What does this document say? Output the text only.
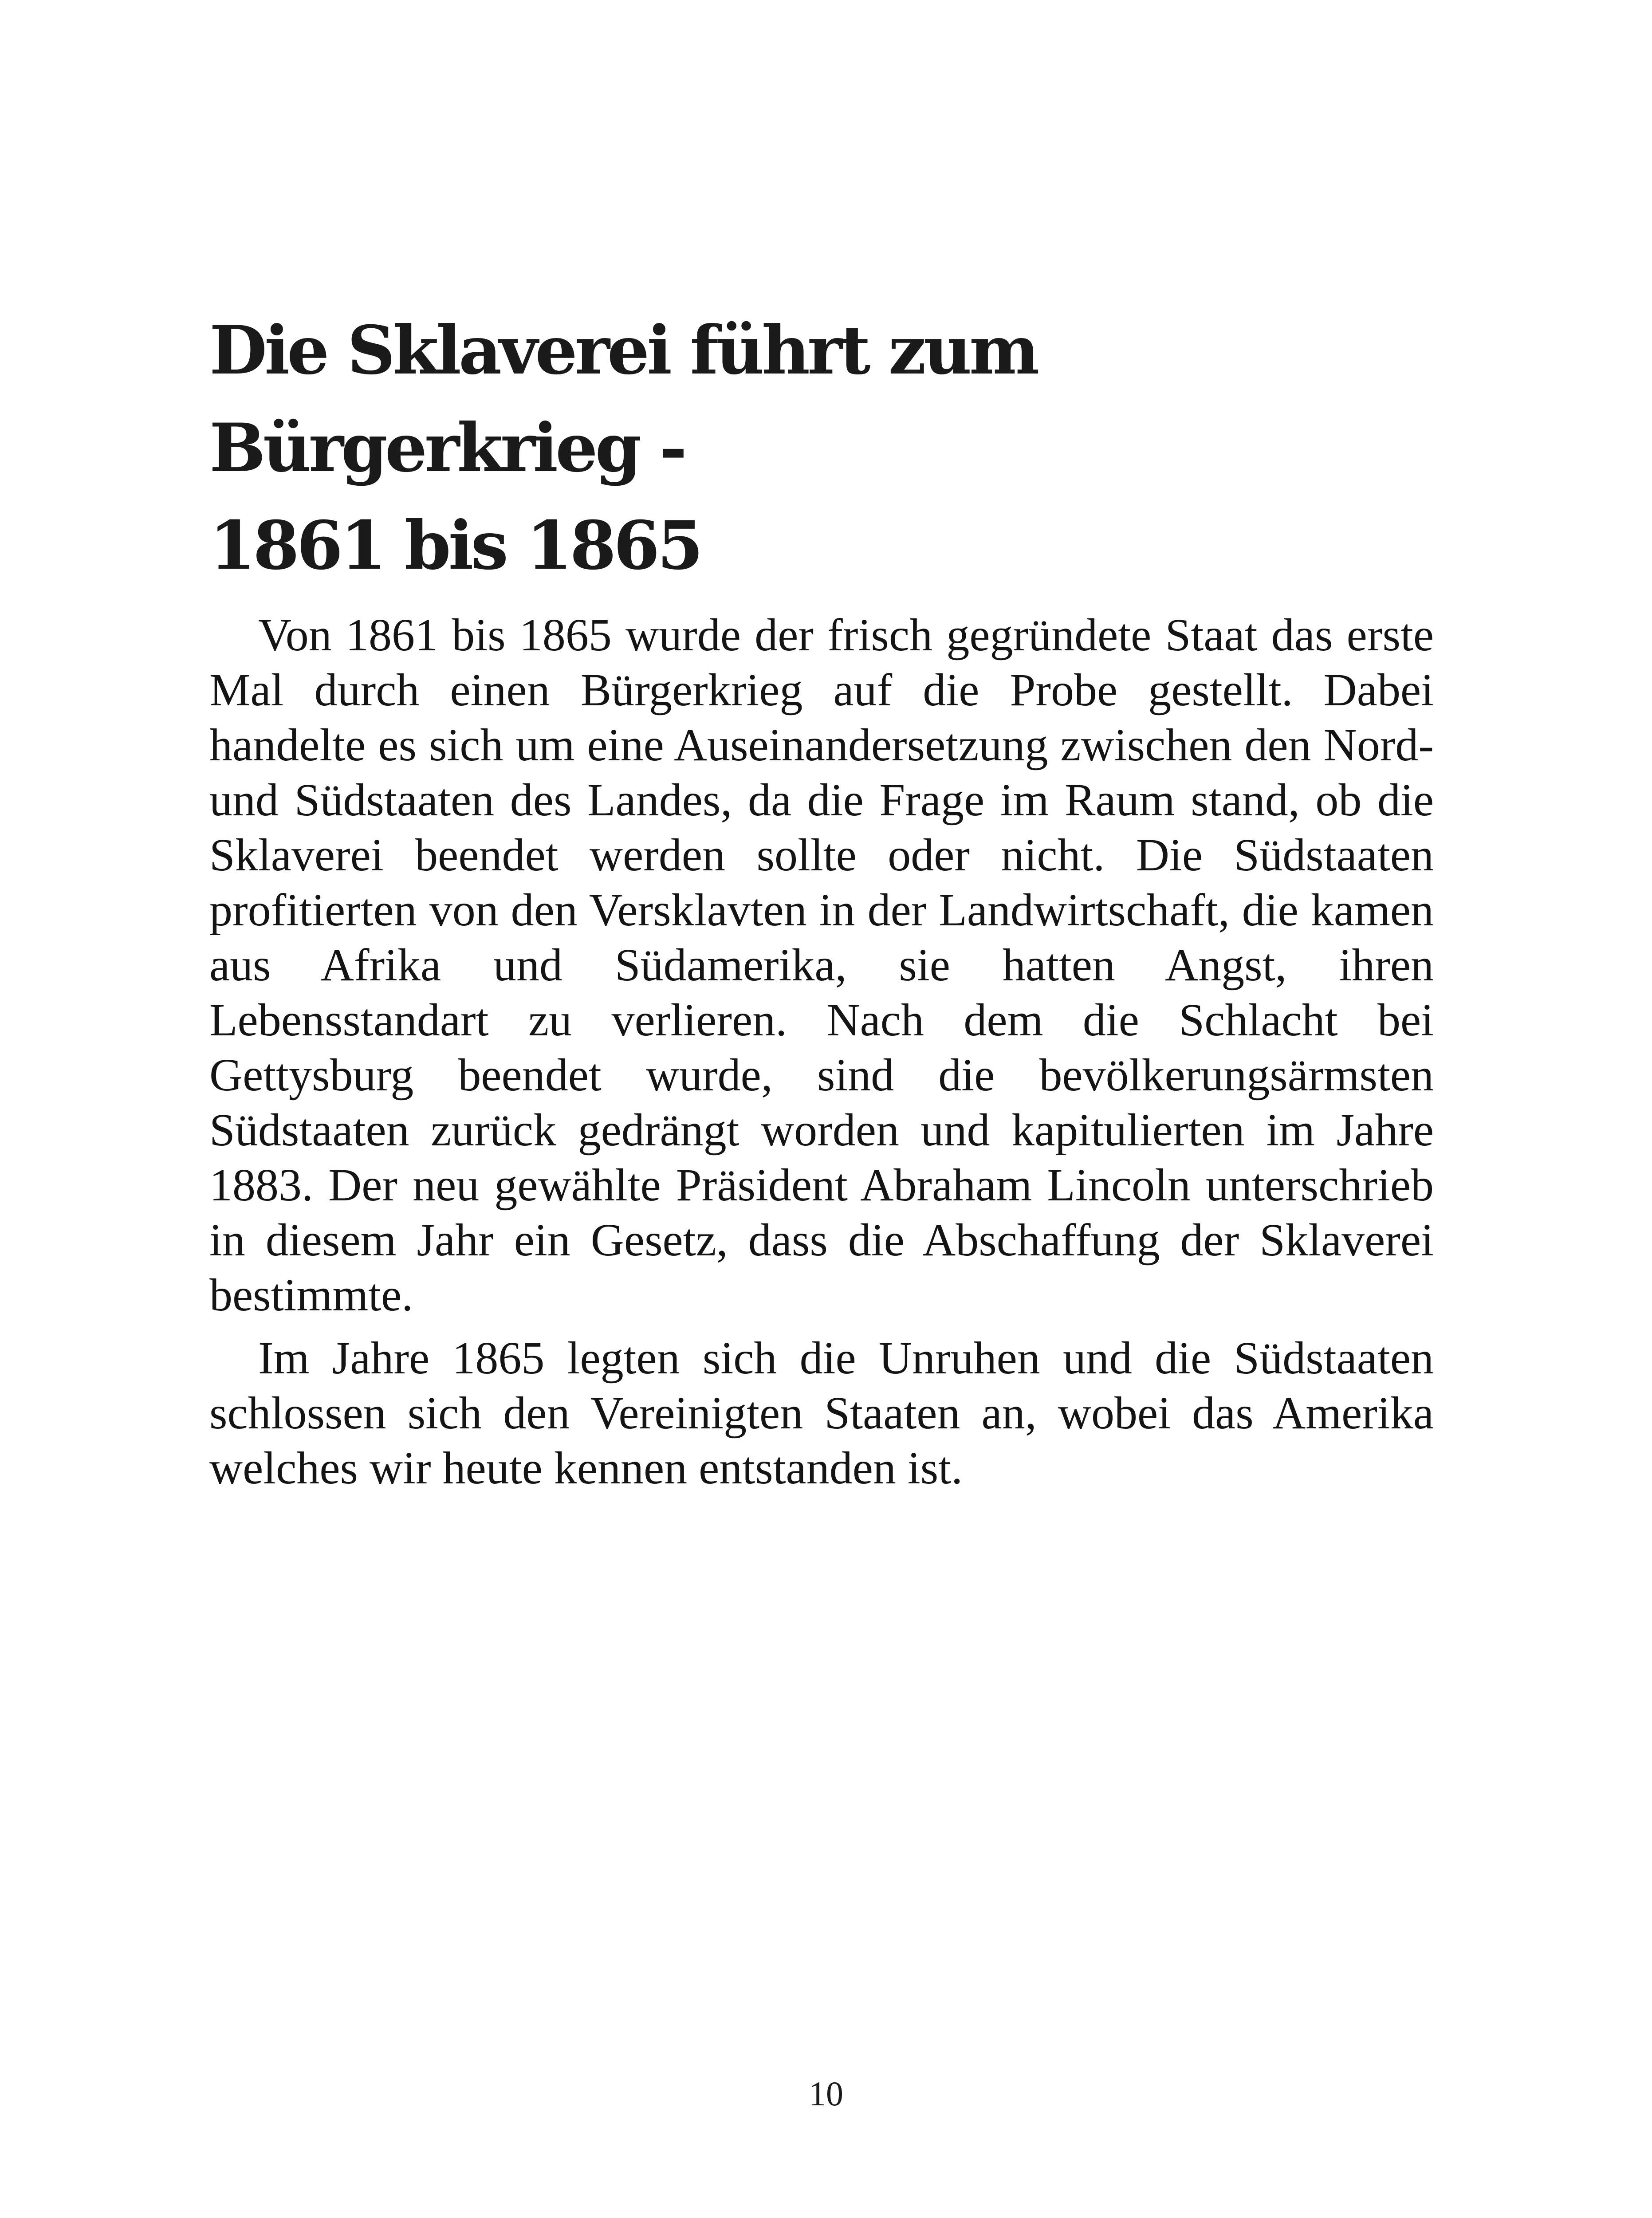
Die Sklaverei führt zum Bürgerkrieg -
1861 bis 1865

Von 1861 bis 1865 wurde der frisch gegründete Staat das erste Mal durch einen Bürgerkrieg auf die Probe gestellt. Dabei handelte es sich um eine Auseinandersetzung zwischen den Nord-und Südstaaten des Landes, da die Frage im Raum stand, ob die Sklaverei beendet werden sollte oder nicht. Die Südstaaten profitierten von den Versklavten in der Landwirtschaft, die kamen aus Afrika und Südamerika, sie hatten Angst, ihren Lebensstandart zu verlieren. Nach dem die Schlacht bei Gettysburg beendet wurde, sind die bevölkerungsärmsten Südstaaten zurück gedrängt worden und kapitulierten im Jahre 1883. Der neu gewählte Präsident Abraham Lincoln unterschrieb in diesem Jahr ein Gesetz, dass die Abschaffung der Sklaverei bestimmte.

Im Jahre 1865 legten sich die Unruhen und die Südstaaten schlossen sich den Vereinigten Staaten an, wobei das Amerika welches wir heute kennen entstanden ist.

10
